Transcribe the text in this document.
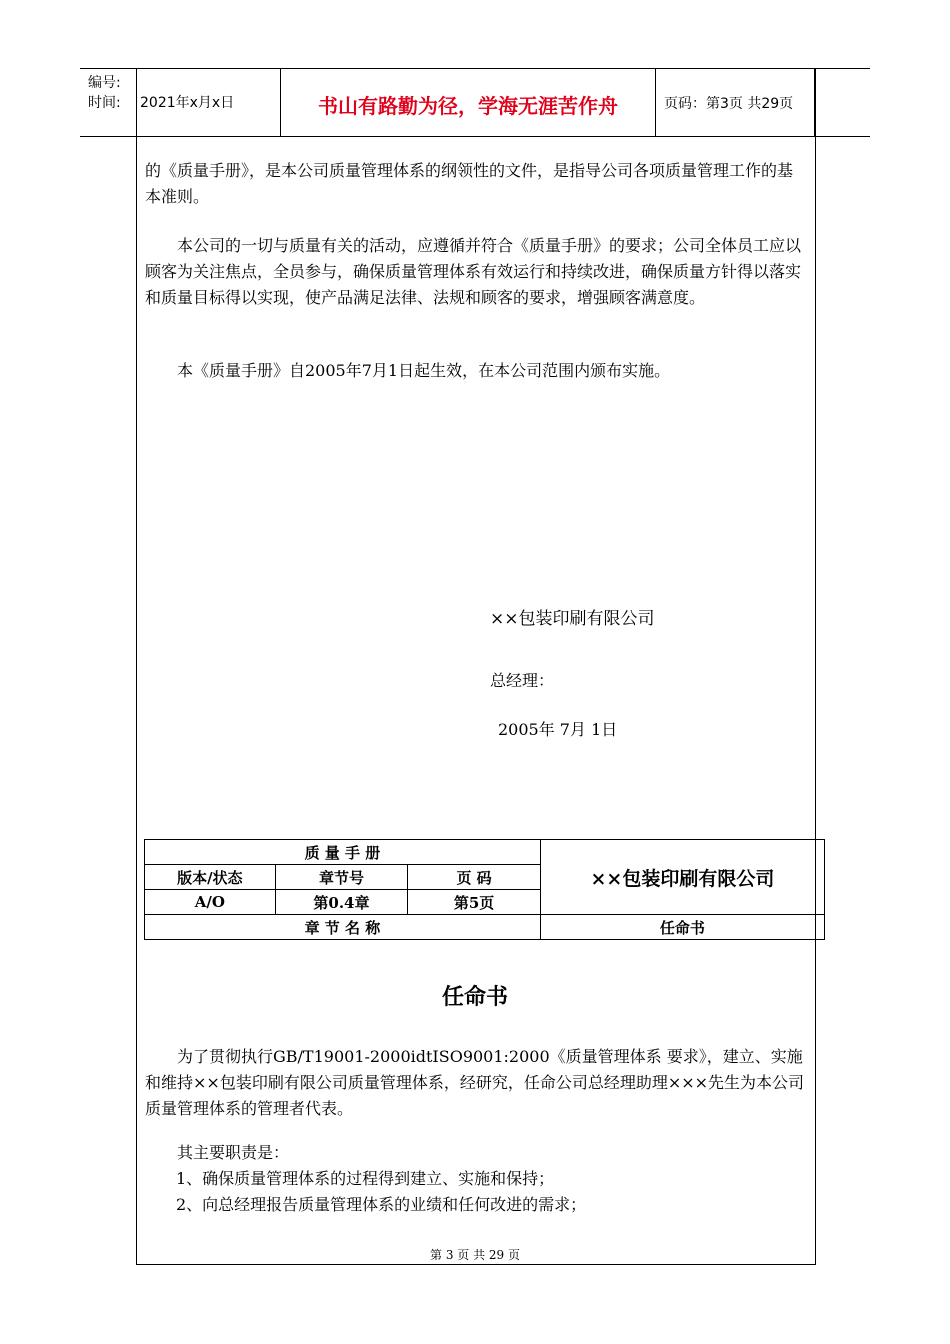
编号:
时间: 2021年x月x日	书山有路勤为径，学海无涯苦作舟	页码：第3页 共29页

的《质量手册》，是本公司质量管理体系的纲领性的文件，是指导公司各项质量管理工作的基本准则。

本公司的一切与质量有关的活动，应遵循并符合《质量手册》的要求；公司全体员工应以顾客为关注焦点，全员参与，确保质量管理体系有效运行和持续改进，确保质量方针得以落实和质量目标得以实现，使产品满足法律、法规和顾客的要求，增强顾客满意度。

本《质量手册》自2005年7月1日起生效，在本公司范围内颁布实施。

××包装印刷有限公司
总经理：
2005年 7月 1日
质 量 手 册			××包装印刷有限公司
版本/状态	章节号	页 码	
A/O	第0.4章	第5页	
章 节 名 称			任命书
任命书

为了贯彻执行GB/T19001-2000idtISO9001:2000《质量管理体系 要求》，建立、实施和维持××包装印刷有限公司质量管理体系，经研究，任命公司总经理助理×××先生为本公司质量管理体系的管理者代表。

其主要职责是：

1、确保质量管理体系的过程得到建立、实施和保持；

2、向总经理报告质量管理体系的业绩和任何改进的需求；

第 3 页 共 29 页
